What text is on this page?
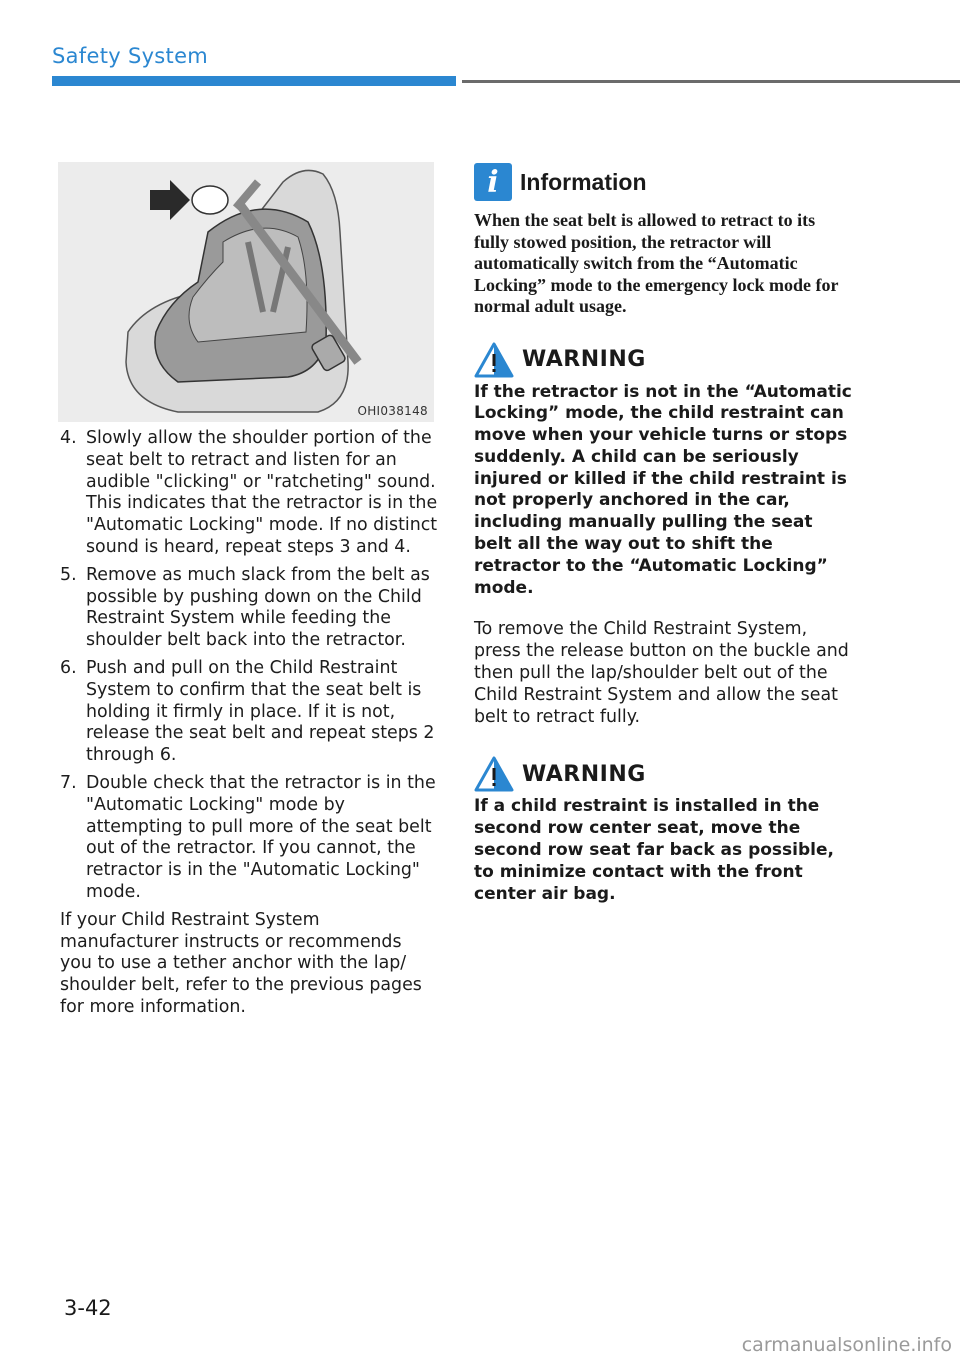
Safety System
OHI038148
4. Slowly allow the shoulder portion of the seat belt to retract and listen for an audible "clicking" or "ratcheting" sound. This indicates that the retractor is in the "Automatic Locking" mode. If no distinct sound is heard, repeat steps 3 and 4.
5. Remove as much slack from the belt as possible by pushing down on the Child Restraint System while feeding the shoulder belt back into the retractor.
6. Push and pull on the Child Restraint System to confirm that the seat belt is holding it firmly in place. If it is not, release the seat belt and repeat steps 2 through 6.
7. Double check that the retractor is in the "Automatic Locking" mode by attempting to pull more of the seat belt out of the retractor. If you cannot, the retractor is in the "Automatic Locking" mode.
If your Child Restraint System manufacturer instructs or recommends you to use a tether anchor with the lap/ shoulder belt, refer to the previous pages for more information.
i Information
When the seat belt is allowed to retract to its fully stowed position, the retractor will automatically switch from the “Automatic Locking” mode to the emergency lock mode for normal adult usage.
WARNING
If the retractor is not in the “Automatic Locking” mode, the child restraint can move when your vehicle turns or stops suddenly. A child can be seriously injured or killed if the child restraint is not properly anchored in the car, including manually pulling the seat belt all the way out to shift the retractor to the “Automatic Locking” mode.
To remove the Child Restraint System, press the release button on the buckle and then pull the lap/shoulder belt out of the Child Restraint System and allow the seat belt to retract fully.
WARNING
If a child restraint is installed in the second row center seat, move the second row seat far back as possible, to minimize contact with the front center air bag.
3-42
carmanualsonline.info
